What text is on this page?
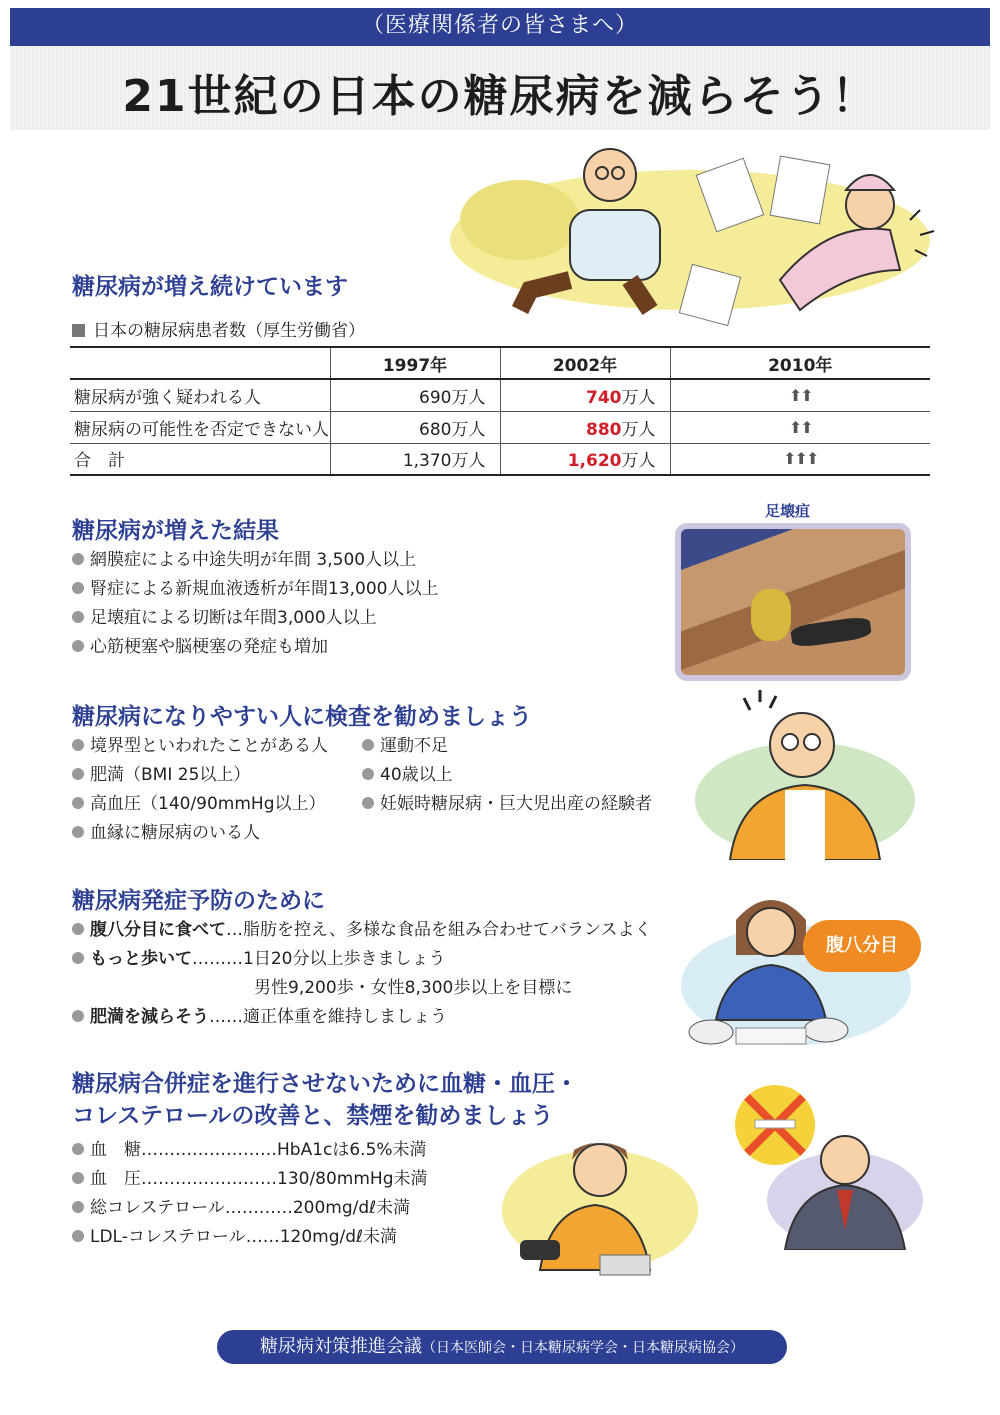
（医療関係者の皆さまへ）
21世紀の日本の糖尿病を減らそう！
糖尿病が増え続けています
日本の糖尿病患者数（厚生労働省）
	1997年	2002年	2010年
糖尿病が強く疑われる人	690万人	740万人	⬆⬆
糖尿病の可能性を否定できない人	680万人	880万人	⬆⬆
合　計	1,370万人	1,620万人	⬆⬆⬆
糖尿病が増えた結果
網膜症による中途失明が年間 3,500人以上
腎症による新規血液透析が年間13,000人以上
足壊疽による切断は年間3,000人以上
心筋梗塞や脳梗塞の発症も増加
足壊疽
糖尿病になりやすい人に検査を勧めましょう
境界型といわれたことがある人
肥満（BMI 25以上）
高血圧（140/90mmHg以上）
血縁に糖尿病のいる人
運動不足
40歳以上
妊娠時糖尿病・巨大児出産の経験者
糖尿病発症予防のために
腹八分目に食べて…脂肪を控え、多様な食品を組み合わせてバランスよく
もっと歩いて………1日20分以上歩きましょう
男性9,200歩・女性8,300歩以上を目標に
肥満を減らそう……適正体重を維持しましょう
腹八分目
糖尿病合併症を進行させないために血糖・血圧・
コレステロールの改善と、禁煙を勧めましょう
血　糖……………………HbA1cは6.5%未満
血　圧……………………130/80mmHg未満
総コレステロール…………200mg/dℓ未満
LDL-コレステロール……120mg/dℓ未満
糖尿病対策推進会議（日本医師会・日本糖尿病学会・日本糖尿病協会）
